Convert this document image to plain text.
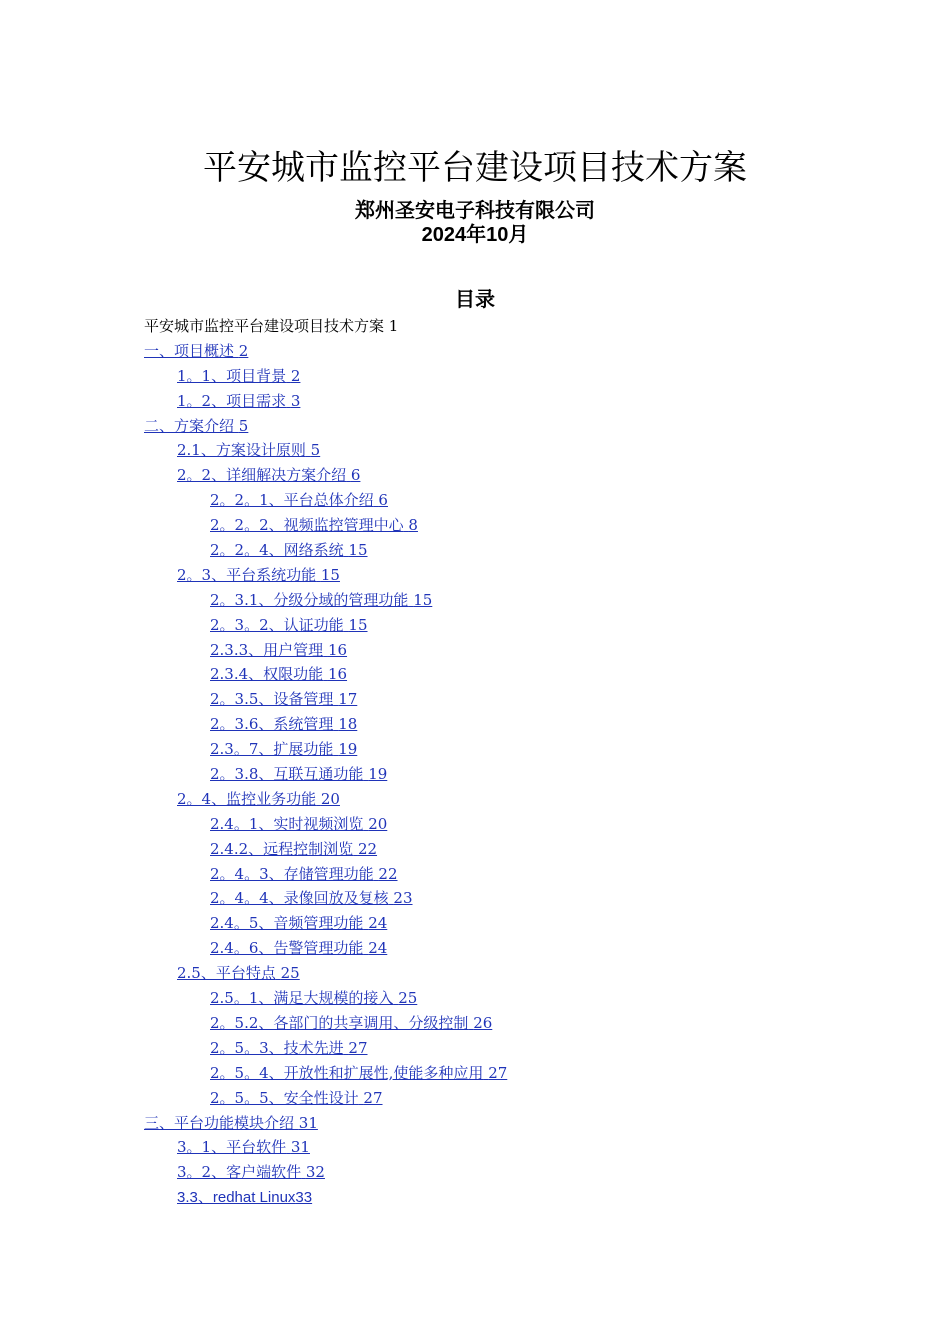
平安城市监控平台建设项目技术方案
郑州圣安电子科技有限公司
2024年10月
目录
平安城市监控平台建设项目技术方案 1
一、项目概述 2
1。1、项目背景 2
1。2、项目需求 3
二、方案介绍 5
2.1、方案设计原则 5
2。2、详细解决方案介绍 6
2。2。1、平台总体介绍 6
2。2。2、视频监控管理中心 8
2。2。4、网络系统 15
2。3、平台系统功能 15
2。3.1、分级分域的管理功能 15
2。3。2、认证功能 15
2.3.3、用户管理 16
2.3.4、权限功能 16
2。3.5、设备管理 17
2。3.6、系统管理 18
2.3。7、扩展功能 19
2。3.8、互联互通功能 19
2。4、监控业务功能 20
2.4。1、实时视频浏览 20
2.4.2、远程控制浏览 22
2。4。3、存储管理功能 22
2。4。4、录像回放及复核 23
2.4。5、音频管理功能 24
2.4。6、告警管理功能 24
2.5、平台特点 25
2.5。1、满足大规模的接入 25
2。5.2、各部门的共享调用、分级控制 26
2。5。3、技术先进 27
2。5。4、开放性和扩展性,使能多种应用 27
2。5。5、安全性设计 27
三、平台功能模块介绍 31
3。1、平台软件 31
3。2、客户端软件 32
3.3、redhat Linux33
